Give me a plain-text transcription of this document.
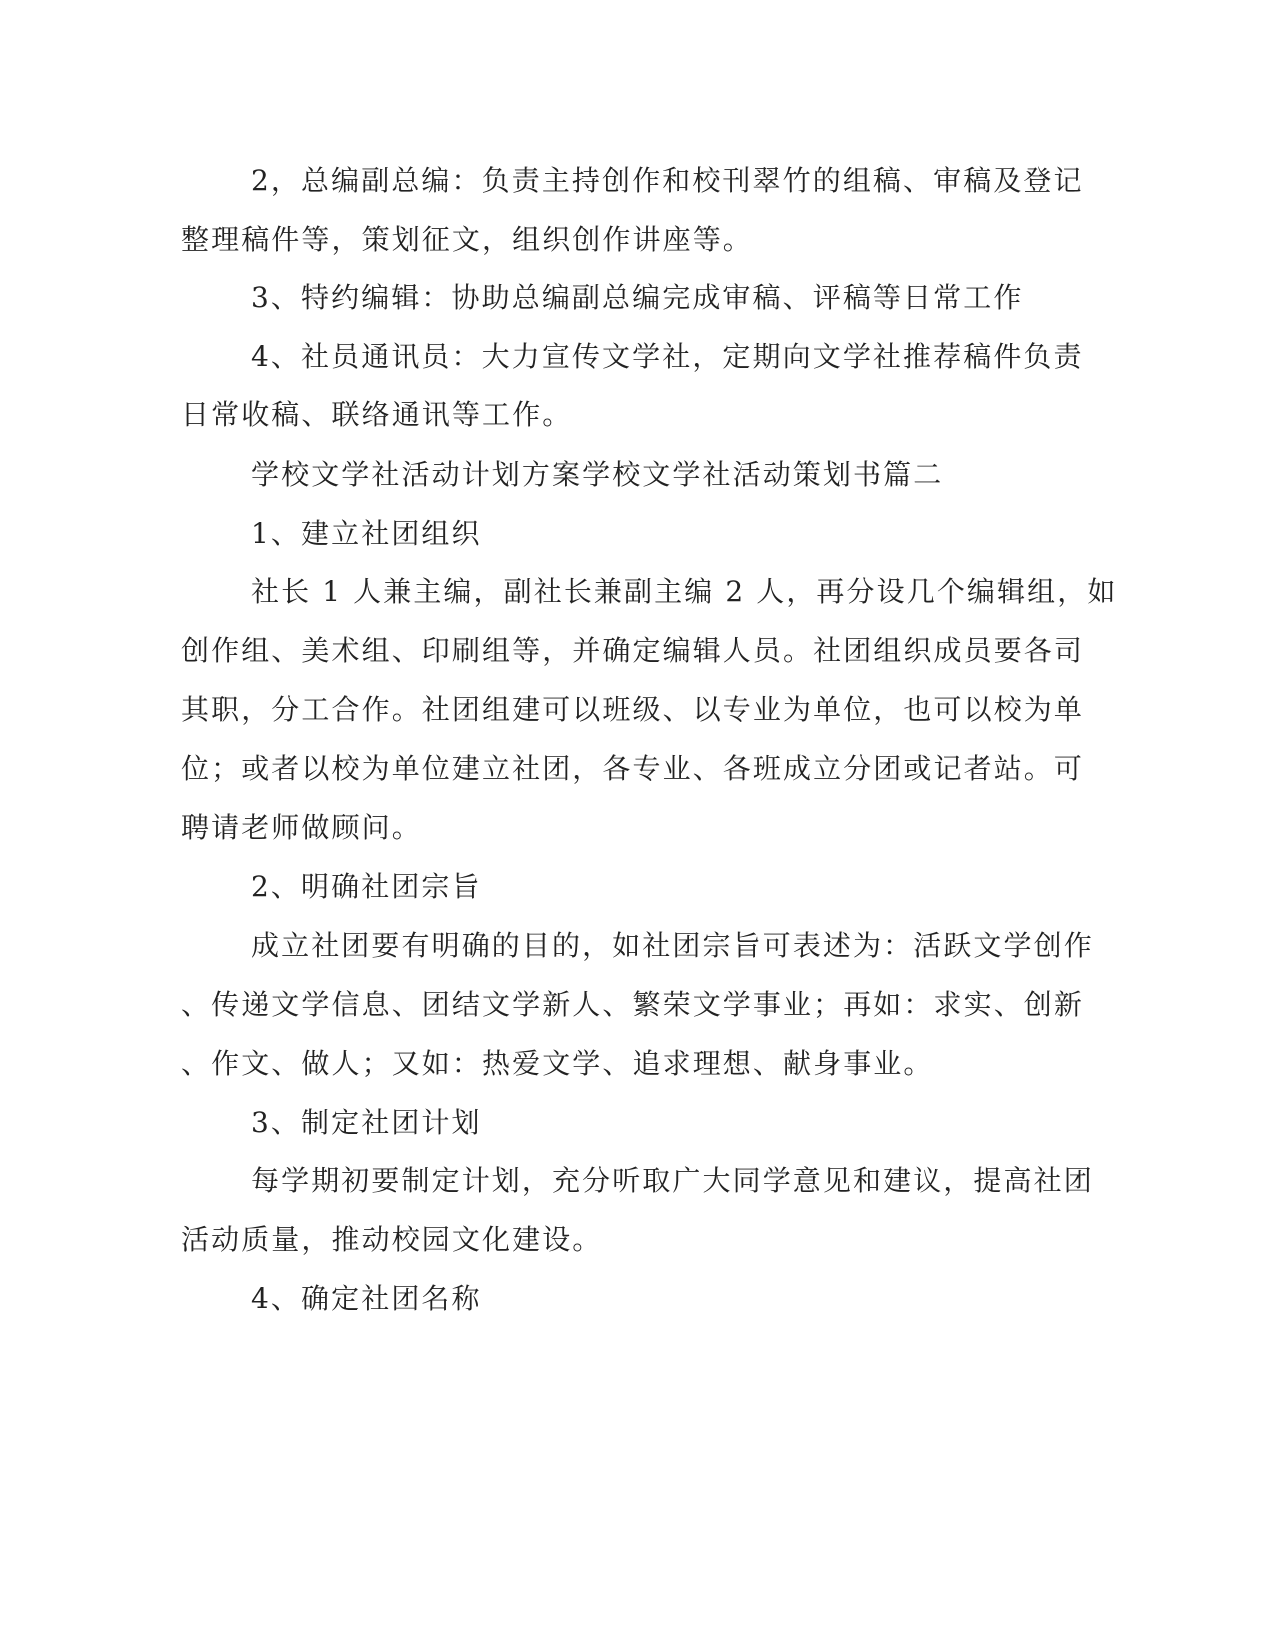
2，总编副总编：负责主持创作和校刊翠竹的组稿、审稿及登记
整理稿件等，策划征文，组织创作讲座等。
3、特约编辑：协助总编副总编完成审稿、评稿等日常工作
4、社员通讯员：大力宣传文学社，定期向文学社推荐稿件负责
日常收稿、联络通讯等工作。
学校文学社活动计划方案学校文学社活动策划书篇二
1、建立社团组织
社长 1 人兼主编，副社长兼副主编 2 人，再分设几个编辑组，如
创作组、美术组、印刷组等，并确定编辑人员。社团组织成员要各司
其职，分工合作。社团组建可以班级、以专业为单位，也可以校为单
位；或者以校为单位建立社团，各专业、各班成立分团或记者站。可
聘请老师做顾问。
2、明确社团宗旨
成立社团要有明确的目的，如社团宗旨可表述为：活跃文学创作
、传递文学信息、团结文学新人、繁荣文学事业；再如：求实、创新
、作文、做人；又如：热爱文学、追求理想、献身事业。
3、制定社团计划
每学期初要制定计划，充分听取广大同学意见和建议，提高社团
活动质量，推动校园文化建设。
4、确定社团名称
